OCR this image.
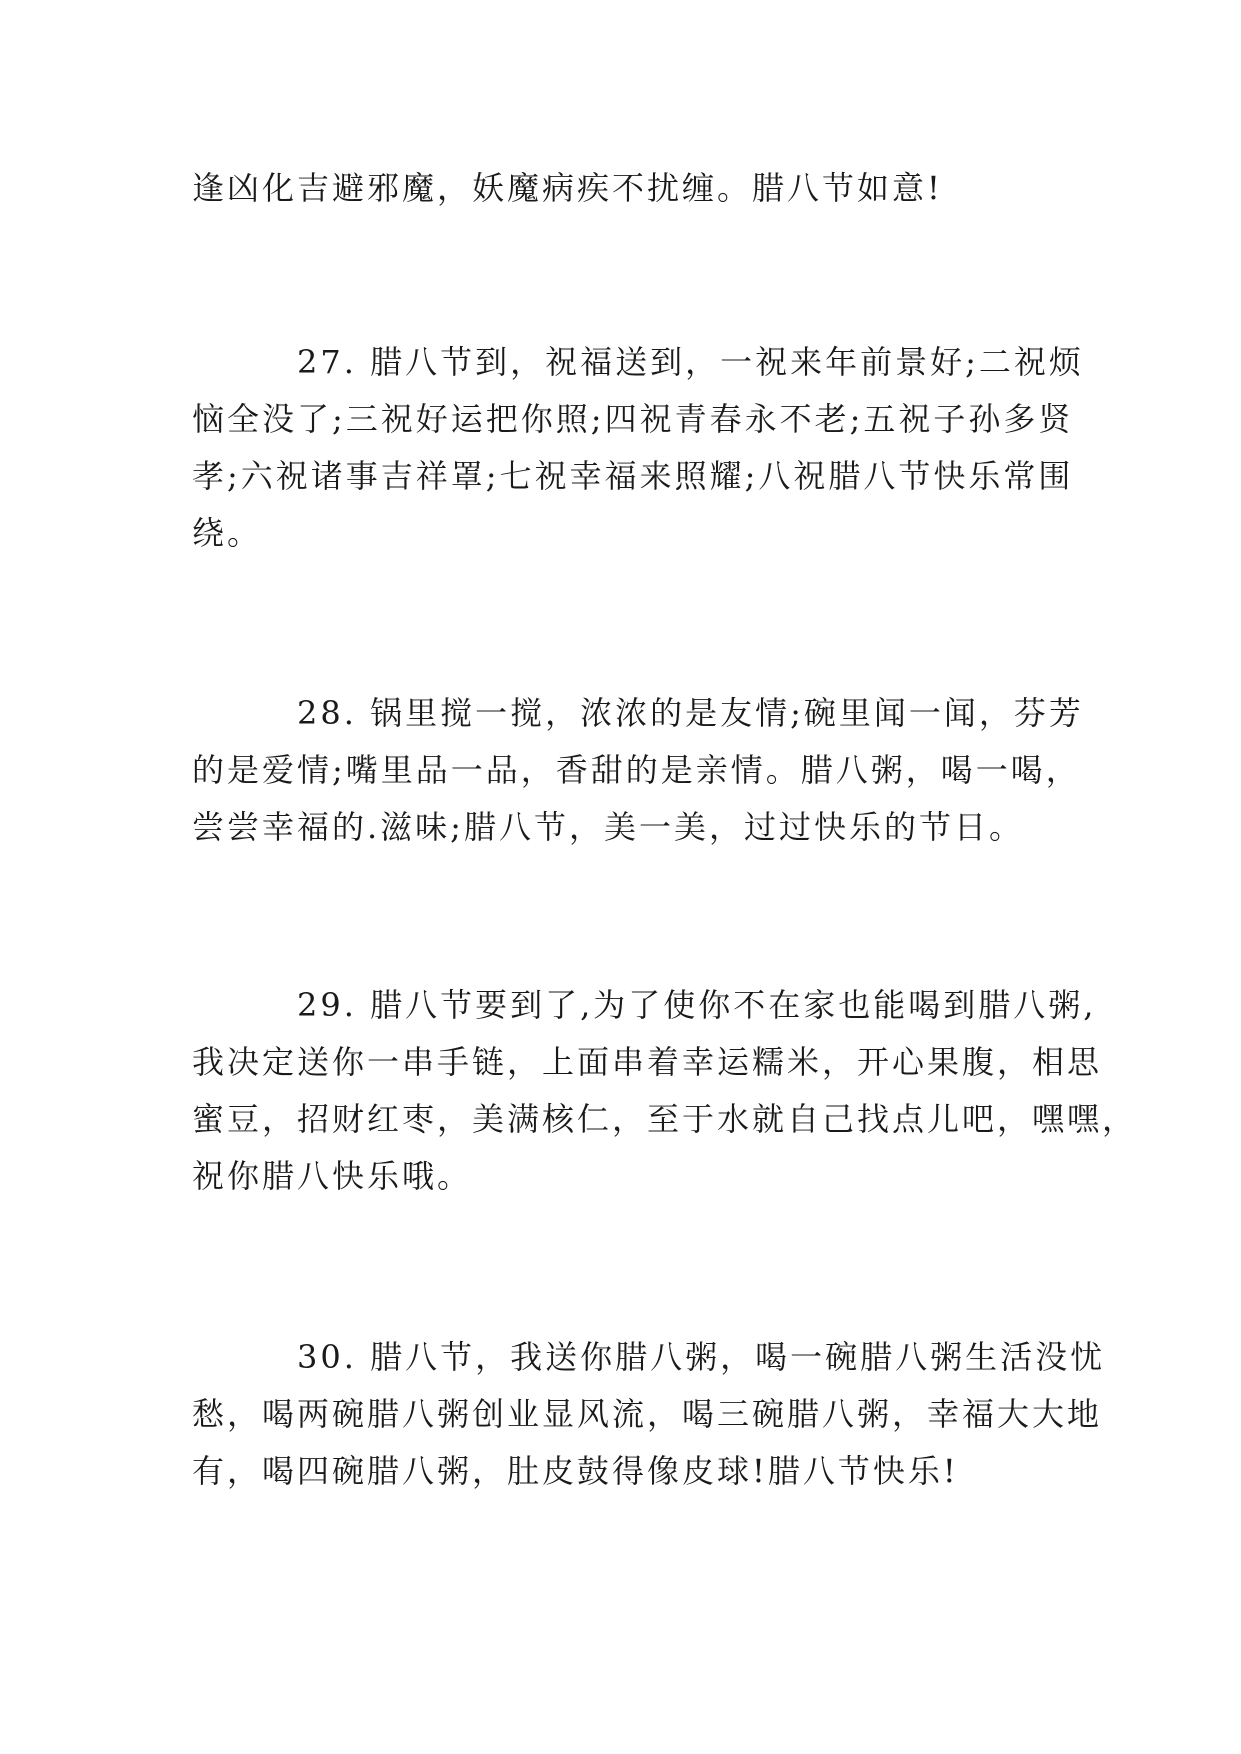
逢凶化吉避邪魔，妖魔病疾不扰缠。腊八节如意!

27. 腊八节到，祝福送到，一祝来年前景好;二祝烦
恼全没了;三祝好运把你照;四祝青春永不老;五祝子孙多贤
孝;六祝诸事吉祥罩;七祝幸福来照耀;八祝腊八节快乐常围
绕。

28. 锅里搅一搅，浓浓的是友情;碗里闻一闻，芬芳
的是爱情;嘴里品一品，香甜的是亲情。腊八粥，喝一喝，
尝尝幸福的.滋味;腊八节，美一美，过过快乐的节日。

29. 腊八节要到了,为了使你不在家也能喝到腊八粥,
我决定送你一串手链，上面串着幸运糯米，开心果腹，相思
蜜豆，招财红枣，美满核仁，至于水就自己找点儿吧，嘿嘿，
祝你腊八快乐哦。

30. 腊八节，我送你腊八粥，喝一碗腊八粥生活没忧
愁，喝两碗腊八粥创业显风流，喝三碗腊八粥，幸福大大地
有，喝四碗腊八粥，肚皮鼓得像皮球!腊八节快乐!
